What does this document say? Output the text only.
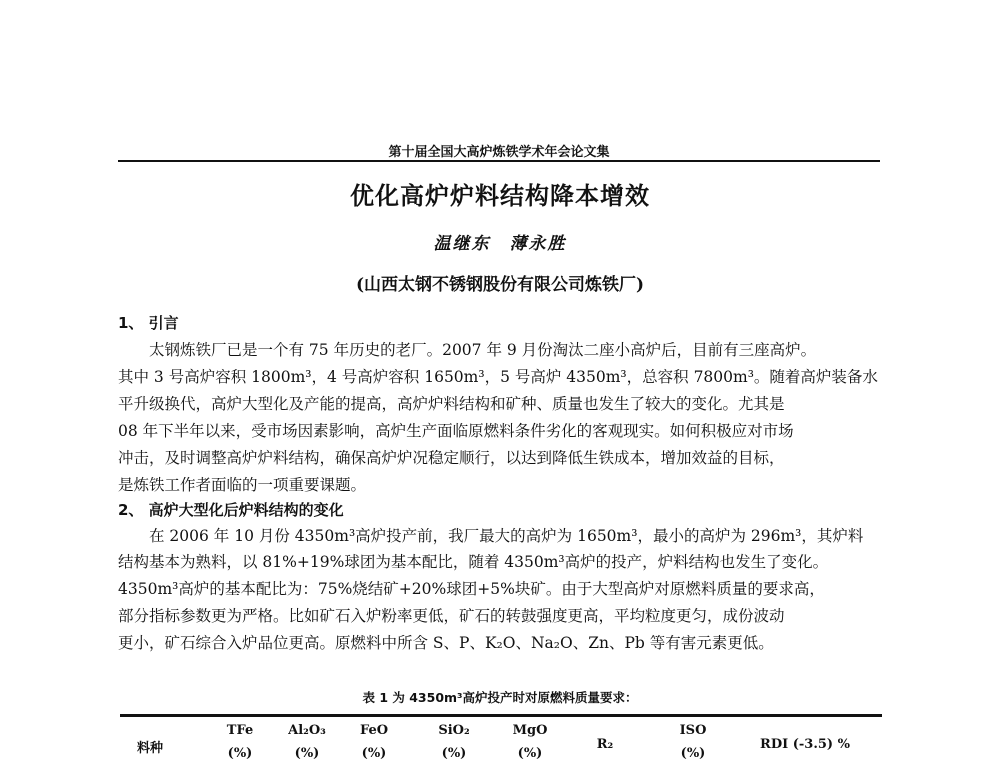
第十届全国大高炉炼铁学术年会论文集
优化高炉炉料结构降本增效
温继东　薄永胜
(山西太钢不锈钢股份有限公司炼铁厂)
1、 引言
　　太钢炼铁厂已是一个有 75 年历史的老厂。2007 年 9 月份淘汰二座小高炉后，目前有三座高炉。
其中 3 号高炉容积 1800m³，4 号高炉容积 1650m³，5 号高炉 4350m³，总容积 7800m³。随着高炉装备水
平升级换代，高炉大型化及产能的提高，高炉炉料结构和矿种、质量也发生了较大的变化。尤其是
08 年下半年以来，受市场因素影响，高炉生产面临原燃料条件劣化的客观现实。如何积极应对市场
冲击，及时调整高炉炉料结构，确保高炉炉况稳定顺行，以达到降低生铁成本，增加效益的目标，
是炼铁工作者面临的一项重要课题。
2、 高炉大型化后炉料结构的变化
　　在 2006 年 10 月份 4350m³高炉投产前，我厂最大的高炉为 1650m³，最小的高炉为 296m³，其炉料
结构基本为熟料，以 81%+19%球团为基本配比，随着 4350m³高炉的投产，炉料结构也发生了变化。
4350m³高炉的基本配比为：75%烧结矿+20%球团+5%块矿。由于大型高炉对原燃料质量的要求高，
部分指标参数更为严格。比如矿石入炉粉率更低，矿石的转鼓强度更高，平均粒度更匀，成份波动
更小，矿石综合入炉品位更高。原燃料中所含 S、P、K₂O、Na₂O、Zn、Pb 等有害元素更低。
表 1 为 4350m³高炉投产时对原燃料质量要求：
料种
TFe
(%)
Al₂O₃
(%)
FeO
(%)
SiO₂
(%)
MgO
(%)
R₂
ISO
(%)
RDI (-3.5) %
